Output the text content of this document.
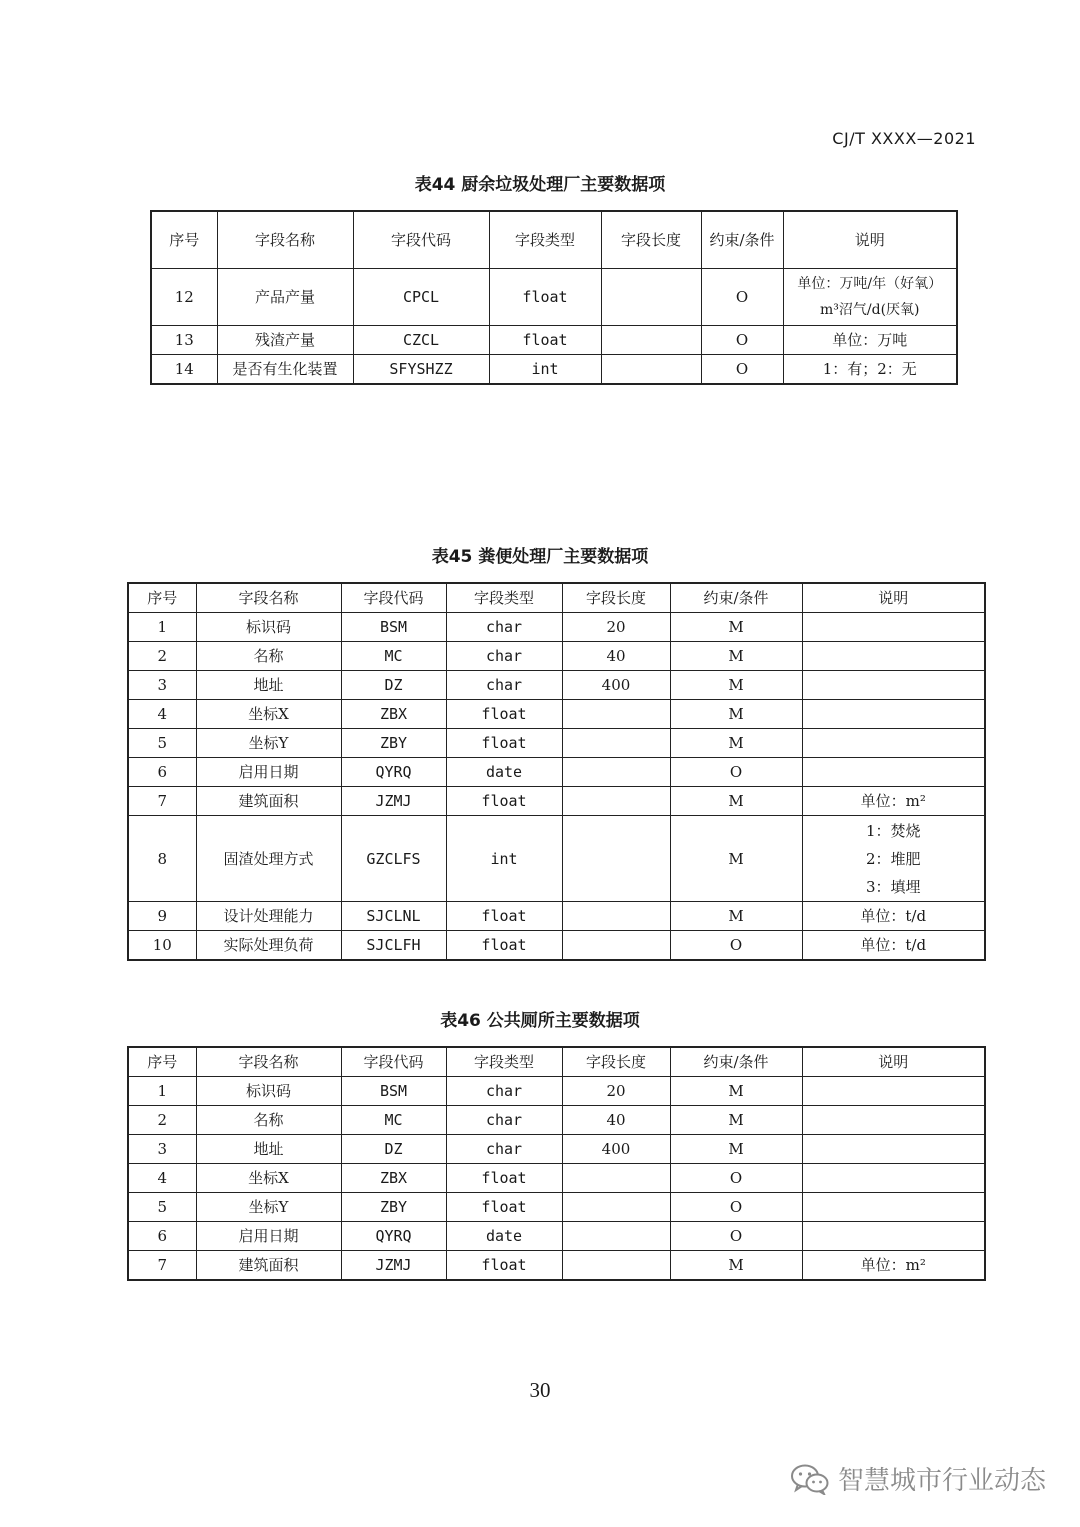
CJ/T XXXX—2021
表44 厨余垃圾处理厂主要数据项
序号	字段名称	字段代码	字段类型	字段长度	约束/条件	说明
12	产品产量	CPCL	float		O	单位：万吨/年（好氧）
m³沼气/d(厌氧)

13	残渣产量	CZCL	float		O	单位：万吨
14	是否有生化装置	SFYSHZZ	int		O	1：有；2：无
表45 粪便处理厂主要数据项
序号	字段名称	字段代码	字段类型	字段长度	约束/条件	说明
1	标识码	BSM	char	20	M	
2	名称	MC	char	40	M	
3	地址	DZ	char	400	M	
4	坐标X	ZBX	float		M	
5	坐标Y	ZBY	float		M	
6	启用日期	QYRQ	date		O	
7	建筑面积	JZMJ	float		M	单位：m²
8	固渣处理方式	GZCLFS	int		M	1：焚烧
2：堆肥
3：填埋

9	设计处理能力	SJCLNL	float		M	单位：t/d
10	实际处理负荷	SJCLFH	float		O	单位：t/d
表46 公共厕所主要数据项
序号	字段名称	字段代码	字段类型	字段长度	约束/条件	说明
1	标识码	BSM	char	20	M	
2	名称	MC	char	40	M	
3	地址	DZ	char	400	M	
4	坐标X	ZBX	float		O	
5	坐标Y	ZBY	float		O	
6	启用日期	QYRQ	date		O	
7	建筑面积	JZMJ	float		M	单位：m²
30
智慧城市行业动态
